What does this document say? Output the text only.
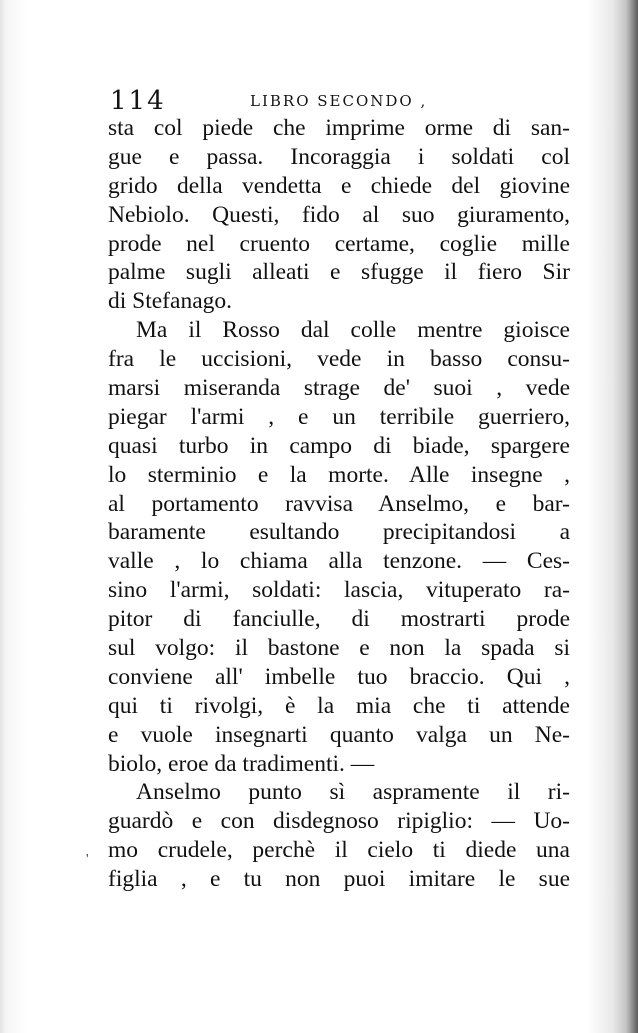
114	LIBRO SECONDO ,
sta col piede che imprime orme di san-
gue e passa. Incoraggia i soldati col
grido della vendetta e chiede del giovine
Nebiolo. Questi, fido al suo giuramento,
prode nel cruento certame, coglie mille
palme sugli alleati e sfugge il fiero Sir
di Stefanago.
Ma il Rosso dal colle mentre gioisce
fra le uccisioni, vede in basso consu-
marsi miseranda strage de' suoi , vede
piegar l'armi , e un terribile guerriero,
quasi turbo in campo di biade, spargere
lo sterminio e la morte. Alle insegne ,
al portamento ravvisa Anselmo, e bar-
baramente esultando precipitandosi a
valle , lo chiama alla tenzone. — Ces-
sino l'armi, soldati: lascia, vituperato ra-
pitor di fanciulle, di mostrarti prode
sul volgo: il bastone e non la spada si
conviene all' imbelle tuo braccio. Qui ,
qui ti rivolgi, è la mia che ti attende
e vuole insegnarti quanto valga un Ne-
biolo, eroe da tradimenti. —
Anselmo punto sì aspramente il ri-
guardò e con disdegnoso ripiglio: — Uo-
mo crudele, perchè il cielo ti diede una
figlia , e tu non puoi imitare le sue
'
